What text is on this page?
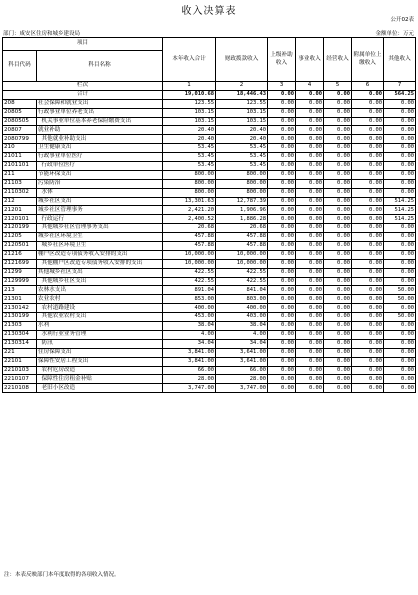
收入决算表
公开02表
部门：咸安区住房和城乡建设局	金额单位：万元
项目		本年收入合计	财政拨款收入	上级补助收入	事业收入	经营收入	附属单位上缴收入	其他收入
科目代码	科目名称							
栏次		1	2	3	4	5	6	7
合计		19,010.68	18,446.43	0.00	0.00	0.00	0.00	564.25
208	社会保障和就业支出	123.55	123.55	0.00	0.00	0.00	0.00	0.00
20805	行政事业单位养老支出	103.15	103.15	0.00	0.00	0.00	0.00	0.00
2080505	机关事业单位基本养老保险缴费支出	103.15	103.15	0.00	0.00	0.00	0.00	0.00
20807	就业补助	20.40	20.40	0.00	0.00	0.00	0.00	0.00
2080799	其他就业补助支出	20.40	20.40	0.00	0.00	0.00	0.00	0.00
210	卫生健康支出	53.45	53.45	0.00	0.00	0.00	0.00	0.00
21011	行政事业单位医疗	53.45	53.45	0.00	0.00	0.00	0.00	0.00
2101101	行政单位医疗	53.45	53.45	0.00	0.00	0.00	0.00	0.00
211	节能环保支出	800.00	800.00	0.00	0.00	0.00	0.00	0.00
21103	污染防治	800.00	800.00	0.00	0.00	0.00	0.00	0.00
2110302	水体	800.00	800.00	0.00	0.00	0.00	0.00	0.00
212	城乡社区支出	13,301.63	12,787.39	0.00	0.00	0.00	0.00	514.25
21201	城乡社区管理事务	2,421.20	1,906.96	0.00	0.00	0.00	0.00	514.25
2120101	行政运行	2,400.52	1,886.28	0.00	0.00	0.00	0.00	514.25
2120199	其他城乡社区管理事务支出	20.68	20.68	0.00	0.00	0.00	0.00	0.00
21205	城乡社区环境卫生	457.88	457.88	0.00	0.00	0.00	0.00	0.00
2120501	城乡社区环境卫生	457.88	457.88	0.00	0.00	0.00	0.00	0.00
21216	棚户区改造专项债务收入安排的支出	10,000.00	10,000.00	0.00	0.00	0.00	0.00	0.00
2121699	其他棚户区改造专项债务收入安排的支出	10,000.00	10,000.00	0.00	0.00	0.00	0.00	0.00
21299	其他城乡社区支出	422.55	422.55	0.00	0.00	0.00	0.00	0.00
2129999	其他城乡社区支出	422.55	422.55	0.00	0.00	0.00	0.00	0.00
213	农林水支出	891.04	841.04	0.00	0.00	0.00	0.00	50.00
21301	农业农村	853.00	803.00	0.00	0.00	0.00	0.00	50.00
2130142	农村道路建设	400.00	400.00	0.00	0.00	0.00	0.00	0.00
2130199	其他农业农村支出	453.00	403.00	0.00	0.00	0.00	0.00	50.00
21303	水利	38.04	38.04	0.00	0.00	0.00	0.00	0.00
2130304	水利行业业务管理	4.00	4.00	0.00	0.00	0.00	0.00	0.00
2130314	防汛	34.04	34.04	0.00	0.00	0.00	0.00	0.00
221	住房保障支出	3,841.00	3,641.00	0.00	0.00	0.00	0.00	0.00
22101	保障性安居工程支出	3,841.00	3,641.00	0.00	0.00	0.00	0.00	0.00
2210103	农村危房改造	66.00	66.00	0.00	0.00	0.00	0.00	0.00
2210107	保障性住房租金补贴	28.00	28.00	0.00	0.00	0.00	0.00	0.00
2210108	老旧小区改造	3,747.00	3,747.00	0.00	0.00	0.00	0.00	0.00
注：本表反映部门本年度取得的各项收入情况。
